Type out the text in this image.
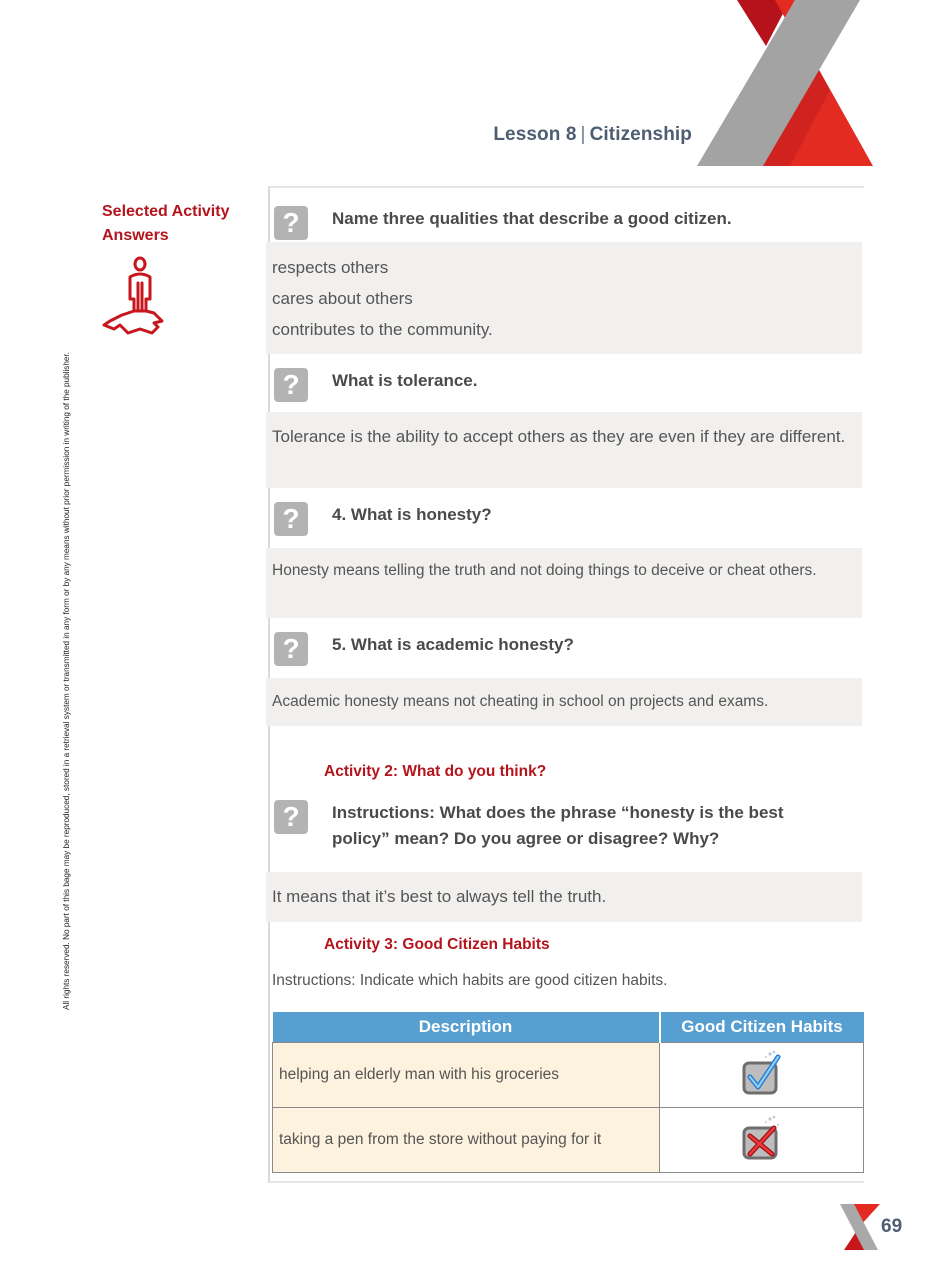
Lesson 8 | Citizenship
All rights reserved. No part of this bage may be reproduced, stored in a retrieval system or transmitted in any form or by any means without prior permission in writing of the publisher.
Selected Activity Answers	?	Name three qualities that describe a good citizen.
respects others
cares about others
contributes to the community.
?	What is tolerance.
Tolerance is the ability to accept others as they are even if they are different.
?	4. What is honesty?
Honesty means telling the truth and not doing things to deceive or cheat others.
?	5. What is academic honesty?
Academic honesty means not cheating in school on projects and exams.
Activity 2: What do you think?
?	Instructions: What does the phrase “honesty is the best policy” mean? Do you agree or disagree? Why?
It means that it’s best to always tell the truth.
Activity 3: Good Citizen Habits
Instructions: Indicate which habits are good citizen habits.
Description	Good Citizen Habits
helping an elderly man with his groceries	
taking a pen from the store without paying for it	
69
